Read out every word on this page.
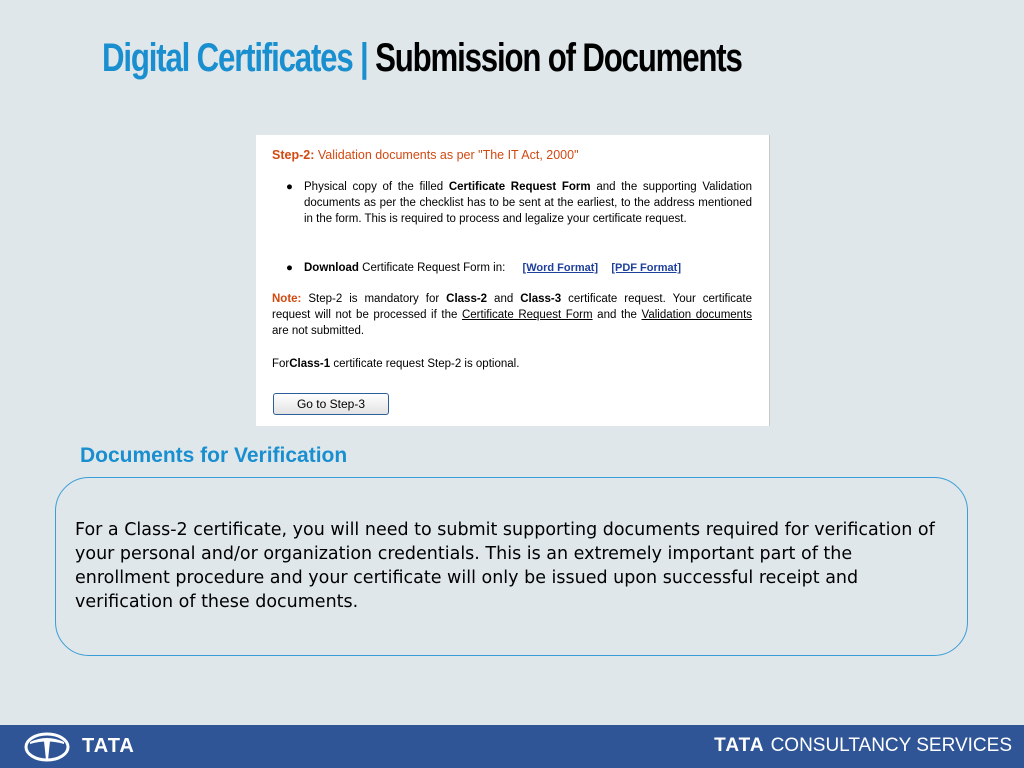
Digital Certificates | Submission of Documents
Step-2: Validation documents as per "The IT Act, 2000"
● Physical copy of the filled Certificate Request Form and the supporting Validation documents as per the checklist has to be sent at the earliest, to the address mentioned in the form. This is required to process and legalize your certificate request.
● Download Certificate Request Form in: [Word Format] [PDF Format]
Note: Step-2 is mandatory for Class-2 and Class-3 certificate request. Your certificate request will not be processed if the Certificate Request Form and the Validation documents are not submitted.
ForClass-1 certificate request Step-2 is optional.
Go to Step-3
Documents for Verification
For a Class-2 certificate, you will need to submit supporting documents required for verification of your personal and/or organization credentials. This is an extremely important part of the enrollment procedure and your certificate will only be issued upon successful receipt and verification of these documents.
TATA	TATA CONSULTANCY SERVICES
